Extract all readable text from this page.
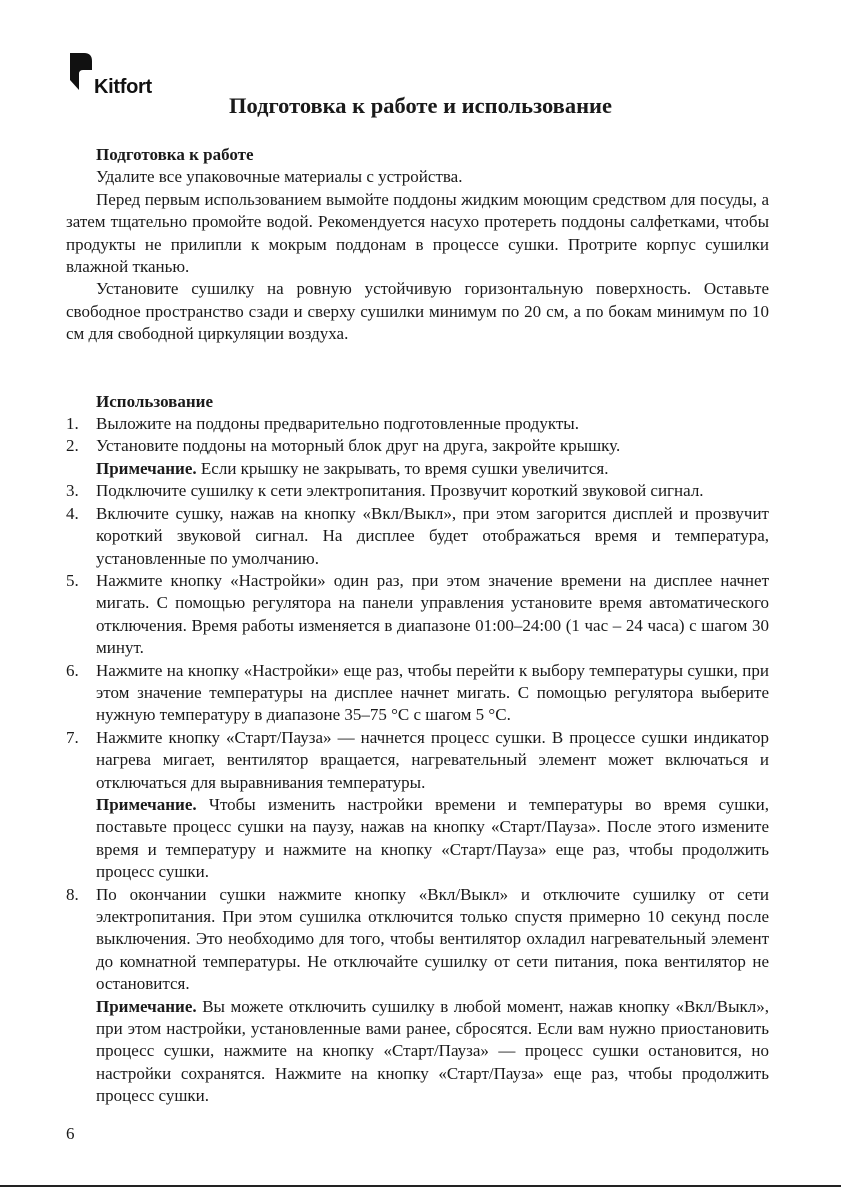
Kitfort
Подготовка к работе и использование
Подготовка к работе

Удалите все упаковочные материалы с устройства.

Перед первым использованием вымойте поддоны жидким моющим средством для посуды, а затем тщательно промойте водой. Рекомендуется насухо протереть поддоны салфетками, чтобы продукты не прилипли к мокрым поддонам в процессе сушки. Протрите корпус сушилки влажной тканью.

Установите сушилку на ровную устойчивую горизонтальную поверхность. Оставьте свободное пространство сзади и сверху сушилки минимум по 20 см, а по бокам минимум по 10 см для свободной циркуляции воздуха.

Использование
1.	Выложите на поддоны предварительно подготовленные продукты.
2.	Установите поддоны на моторный блок друг на друга, закройте крышку.
Примечание. Если крышку не закрывать, то время сушки увеличится.
3.	Подключите сушилку к сети электропитания. Прозвучит короткий звуковой сигнал.
4.	Включите сушку, нажав на кнопку «Вкл/Выкл», при этом загорится дисплей и прозвучит короткий звуковой сигнал. На дисплее будет отображаться время и температура, установленные по умолчанию.
5.	Нажмите кнопку «Настройки» один раз, при этом значение времени на дисплее начнет мигать. С помощью регулятора на панели управления установите время автоматического отключения. Время работы изменяется в диапазоне 01:00–24:00 (1 час – 24 часа) с шагом 30 минут.
6.	Нажмите на кнопку «Настройки» еще раз, чтобы перейти к выбору температуры сушки, при этом значение температуры на дисплее начнет мигать. С помощью регулятора выберите нужную температуру в диапазоне 35–75 °С с шагом 5 °С.
7.	Нажмите кнопку «Старт/Пауза» — начнется процесс сушки. В процессе сушки индикатор нагрева мигает, вентилятор вращается, нагревательный элемент может включаться и отключаться для выравнивания температуры.
Примечание. Чтобы изменить настройки времени и температуры во время сушки, поставьте процесс сушки на паузу, нажав на кнопку «Старт/Пауза». После этого измените время и температуру и нажмите на кнопку «Старт/Пауза» еще раз, чтобы продолжить процесс сушки.
8.	По окончании сушки нажмите кнопку «Вкл/Выкл» и отключите сушилку от сети электропитания. При этом сушилка отключится только спустя примерно 10 секунд после выключения. Это необходимо для того, чтобы вентилятор охладил нагревательный элемент до комнатной температуры. Не отключайте сушилку от сети питания, пока вентилятор не остановится.
Примечание. Вы можете отключить сушилку в любой момент, нажав кнопку «Вкл/Выкл», при этом настройки, установленные вами ранее, сбросятся. Если вам нужно приостановить процесс сушки, нажмите на кнопку «Старт/Пауза» — процесс сушки остановится, но настройки сохранятся. Нажмите на кнопку «Старт/Пауза» еще раз, чтобы продолжить процесс сушки.
6
